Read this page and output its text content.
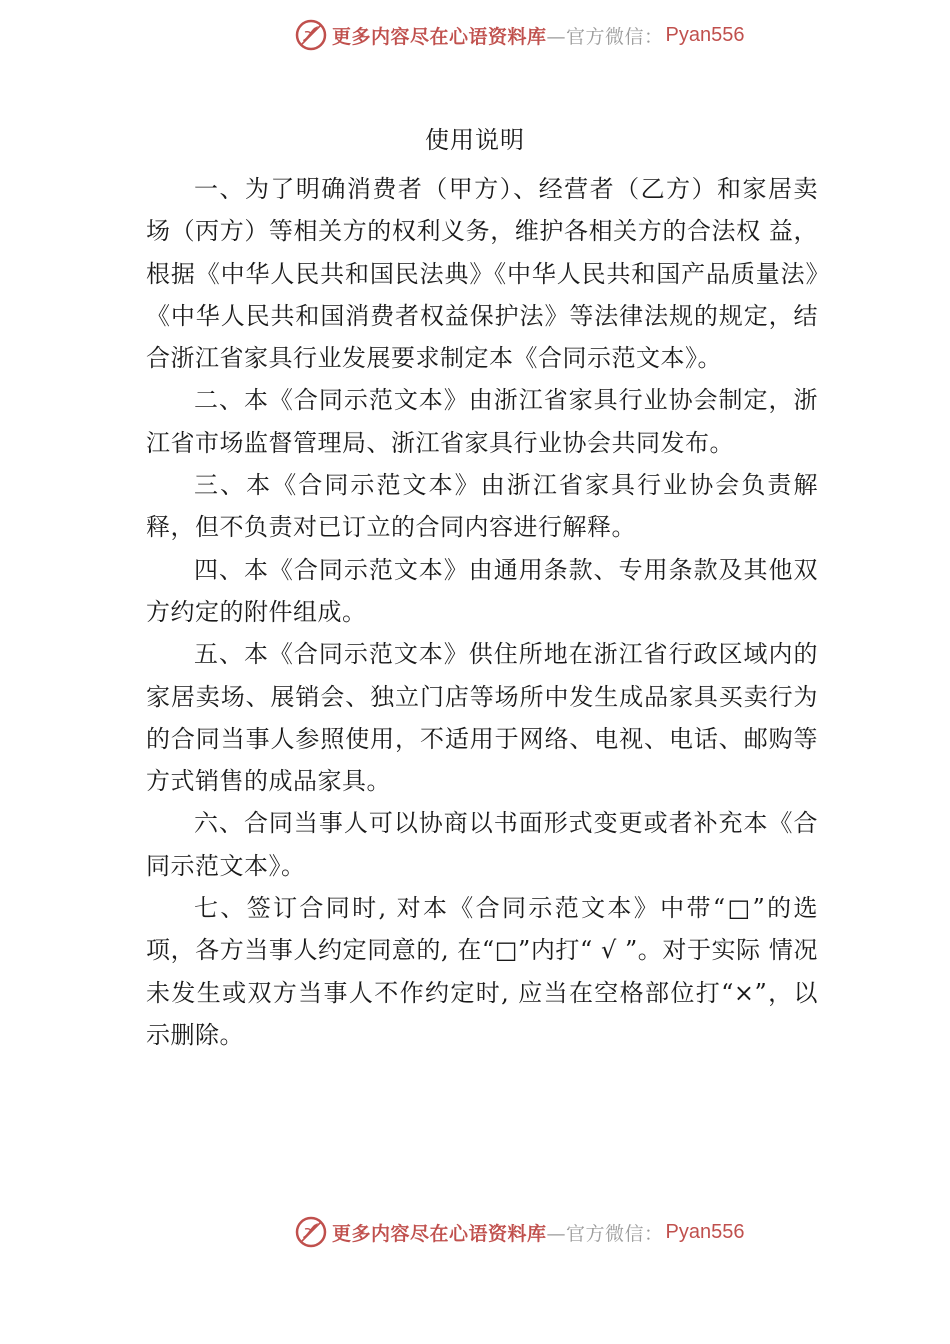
更多内容尽在心语资料库 —官方微信： Pyan556
使用说明

一、为了明确消费者（甲方）、经营者（乙方）和家居卖场（丙方）等相关方的权利义务，维护各相关方的合法权 益，根据《中华人民共和国民法典》《中华人民共和国产品质量法》《中华人民共和国消费者权益保护法》等法律法规的规定，结合浙江省家具行业发展要求制定本《合同示范文本》。

二、本《合同示范文本》由浙江省家具行业协会制定，浙江省市场监督管理局、浙江省家具行业协会共同发布。

三、本《合同示范文本》由浙江省家具行业协会负责解释，但不负责对已订立的合同内容进行解释。

四、本《合同示范文本》由通用条款、专用条款及其他双方约定的附件组成。

五、本《合同示范文本》供住所地在浙江省行政区域内的家居卖场、展销会、独立门店等场所中发生成品家具买卖行为的合同当事人参照使用，不适用于网络、电视、电话、邮购等方式销售的成品家具。

六、合同当事人可以协商以书面形式变更或者补充本《合 同示范文本》。

七、签订合同时, 对本《合同示范文本》中带“□”的选 项，各方当事人约定同意的, 在“□”内打“ √ ”。对于实际 情况未发生或双方当事人不作约定时, 应当在空格部位打“×”，以示删除。

更多内容尽在心语资料库 —官方微信： Pyan556
